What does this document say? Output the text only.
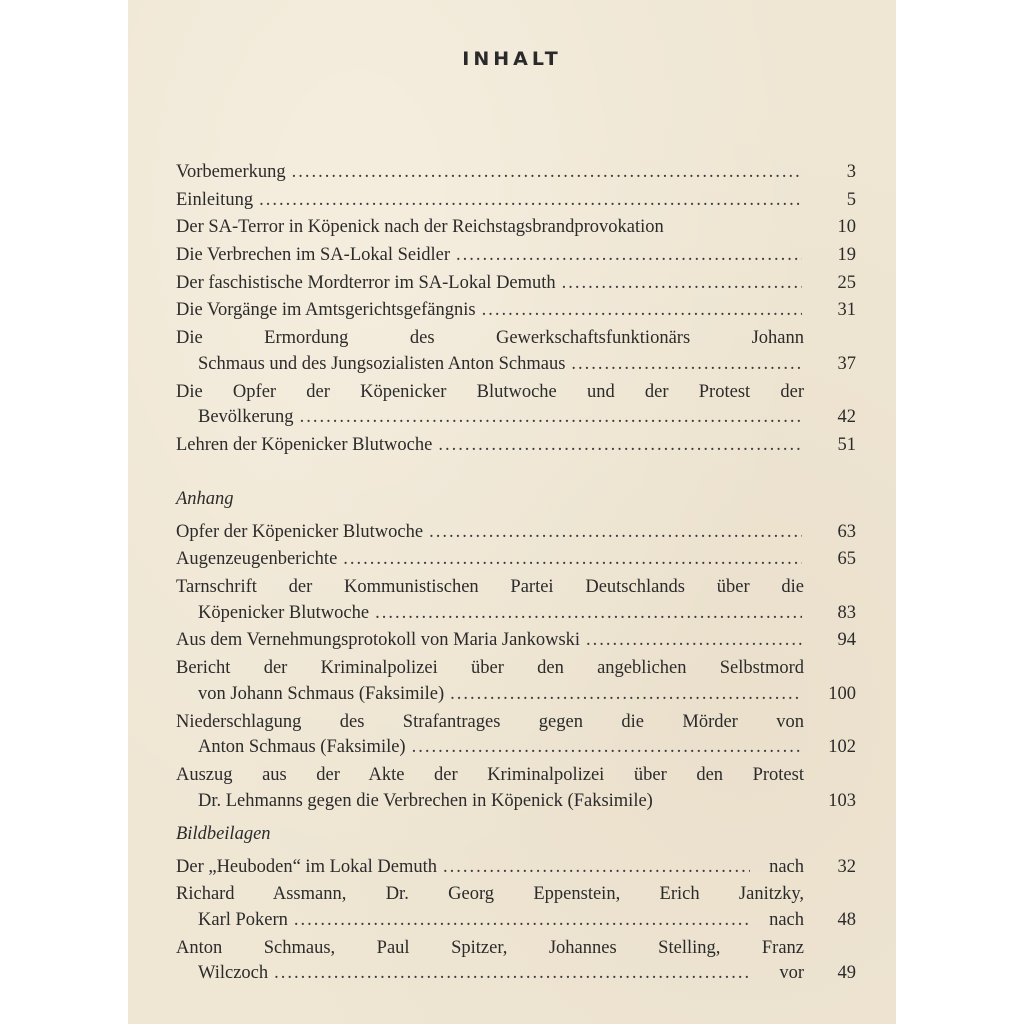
INHALT
Vorbemerkung .....	3
Einleitung .....	5
Der SA-Terror in Köpenick nach der Reichstagsbrandprovokation	10
Die Verbrechen im SA-Lokal Seidler .....	19
Der faschistische Mordterror im SA-Lokal Demuth .....	25
Die Vorgänge im Amtsgerichtsgefängnis .....	31
Die Ermordung des Gewerkschaftsfunktionärs Johann
Schmaus und des Jungsozialisten Anton Schmaus .....	37
Die Opfer der Köpenicker Blutwoche und der Protest der
Bevölkerung .....	42
Lehren der Köpenicker Blutwoche .....	51
Anhang
Opfer der Köpenicker Blutwoche .....	63
Augenzeugenberichte .....	65
Tarnschrift der Kommunistischen Partei Deutschlands über die
Köpenicker Blutwoche .....	83
Aus dem Vernehmungsprotokoll von Maria Jankowski .....	94
Bericht der Kriminalpolizei über den angeblichen Selbstmord
von Johann Schmaus (Faksimile) .....	100
Niederschlagung des Strafantrages gegen die Mörder von
Anton Schmaus (Faksimile) .....	102
Auszug aus der Akte der Kriminalpolizei über den Protest
Dr. Lehmanns gegen die Verbrechen in Köpenick (Faksimile)	103
Bildbeilagen
Der „Heuboden“ im Lokal Demuth .....	nach	32
Richard Assmann, Dr. Georg Eppenstein, Erich Janitzky,
Karl Pokern .....	nach	48
Anton Schmaus, Paul Spitzer, Johannes Stelling, Franz
Wilczoch .....	vor	49
